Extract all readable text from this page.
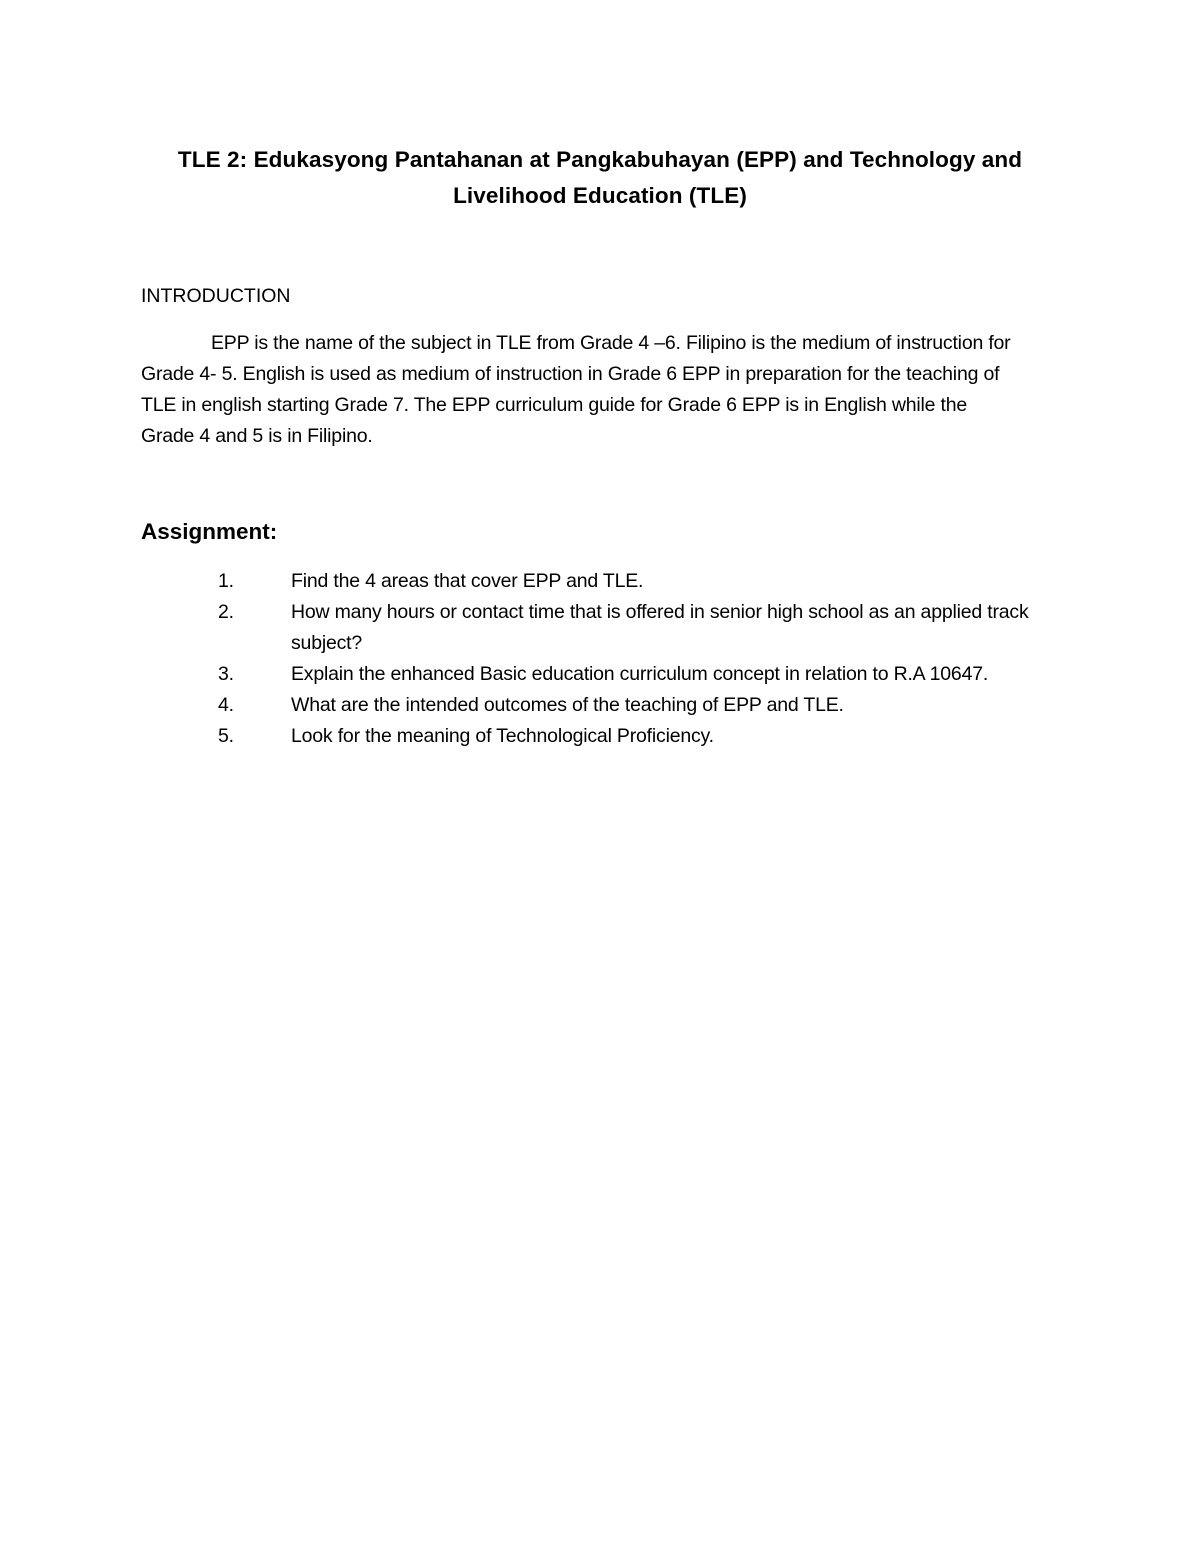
TLE 2: Edukasyong Pantahanan at Pangkabuhayan (EPP) and Technology and Livelihood Education (TLE)
INTRODUCTION

EPP is the name of the subject in TLE from Grade 4 –6. Filipino is the medium of instruction for Grade 4- 5. English is used as medium of instruction in Grade 6 EPP in preparation for the teaching of TLE in english starting Grade 7. The EPP curriculum guide for Grade 6 EPP is in English while the Grade 4 and 5 is in Filipino.

Assignment:
1.	Find the 4 areas that cover EPP and TLE.
2.	How many hours or contact time that is offered in senior high school as an applied track subject?
3.	Explain the enhanced Basic education curriculum concept in relation to R.A 10647.
4.	What are the intended outcomes of the teaching of EPP and TLE.
5.	Look for the meaning of Technological Proficiency.
